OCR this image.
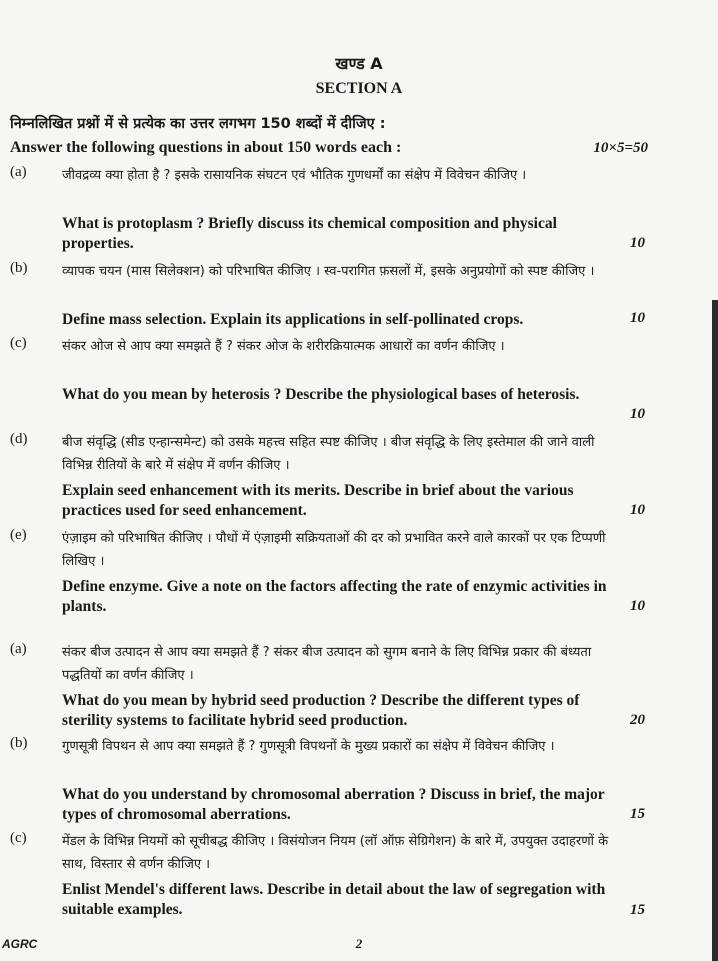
खण्ड A
SECTION A
निम्नलिखित प्रश्नों में से प्रत्येक का उत्तर लगभग 150 शब्दों में दीजिए :
Answer the following questions in about 150 words each :	10×5=50
(a)	जीवद्रव्य क्या होता है ? इसके रासायनिक संघटन एवं भौतिक गुणधर्मों का संक्षेप में विवेचन कीजिए ।
What is protoplasm ? Briefly discuss its chemical composition and physical properties.	10
(b)	व्यापक चयन (मास सिलेक्शन) को परिभाषित कीजिए । स्व-परागित फ़सलों में, इसके अनुप्रयोगों को स्पष्ट कीजिए ।
Define mass selection. Explain its applications in self-pollinated crops.	10
(c)	संकर ओज से आप क्या समझते हैं ? संकर ओज के शरीरक्रियात्मक आधारों का वर्णन कीजिए ।
What do you mean by heterosis ? Describe the physiological bases of heterosis.
10
(d)	बीज संवृद्धि (सीड एन्हान्समेन्ट) को उसके महत्त्व सहित स्पष्ट कीजिए । बीज संवृद्धि के लिए इस्तेमाल की जाने वाली विभिन्न रीतियों के बारे में संक्षेप में वर्णन कीजिए ।
Explain seed enhancement with its merits. Describe in brief about the various practices used for seed enhancement.	10
(e)	एंज़ाइम को परिभाषित कीजिए । पौधों में एंज़ाइमी सक्रियताओं की दर को प्रभावित करने वाले कारकों पर एक टिप्पणी लिखिए ।
Define enzyme. Give a note on the factors affecting the rate of enzymic activities in plants.	10
(a)	संकर बीज उत्पादन से आप क्या समझते हैं ? संकर बीज उत्पादन को सुगम बनाने के लिए विभिन्न प्रकार की बंध्यता पद्धतियों का वर्णन कीजिए ।
What do you mean by hybrid seed production ? Describe the different types of sterility systems to facilitate hybrid seed production.	20
(b)	गुणसूत्री विपथन से आप क्या समझते हैं ? गुणसूत्री विपथनों के मुख्य प्रकारों का संक्षेप में विवेचन कीजिए ।
What do you understand by chromosomal aberration ? Discuss in brief, the major types of chromosomal aberrations.	15
(c)	मेंडल के विभिन्न नियमों को सूचीबद्ध कीजिए । विसंयोजन नियम (लॉ ऑफ़ सेग्रिगेशन) के बारे में, उपयुक्त उदाहरणों के साथ, विस्तार से वर्णन कीजिए ।
Enlist Mendel's different laws. Describe in detail about the law of segregation with suitable examples.	15
AGRC	2
